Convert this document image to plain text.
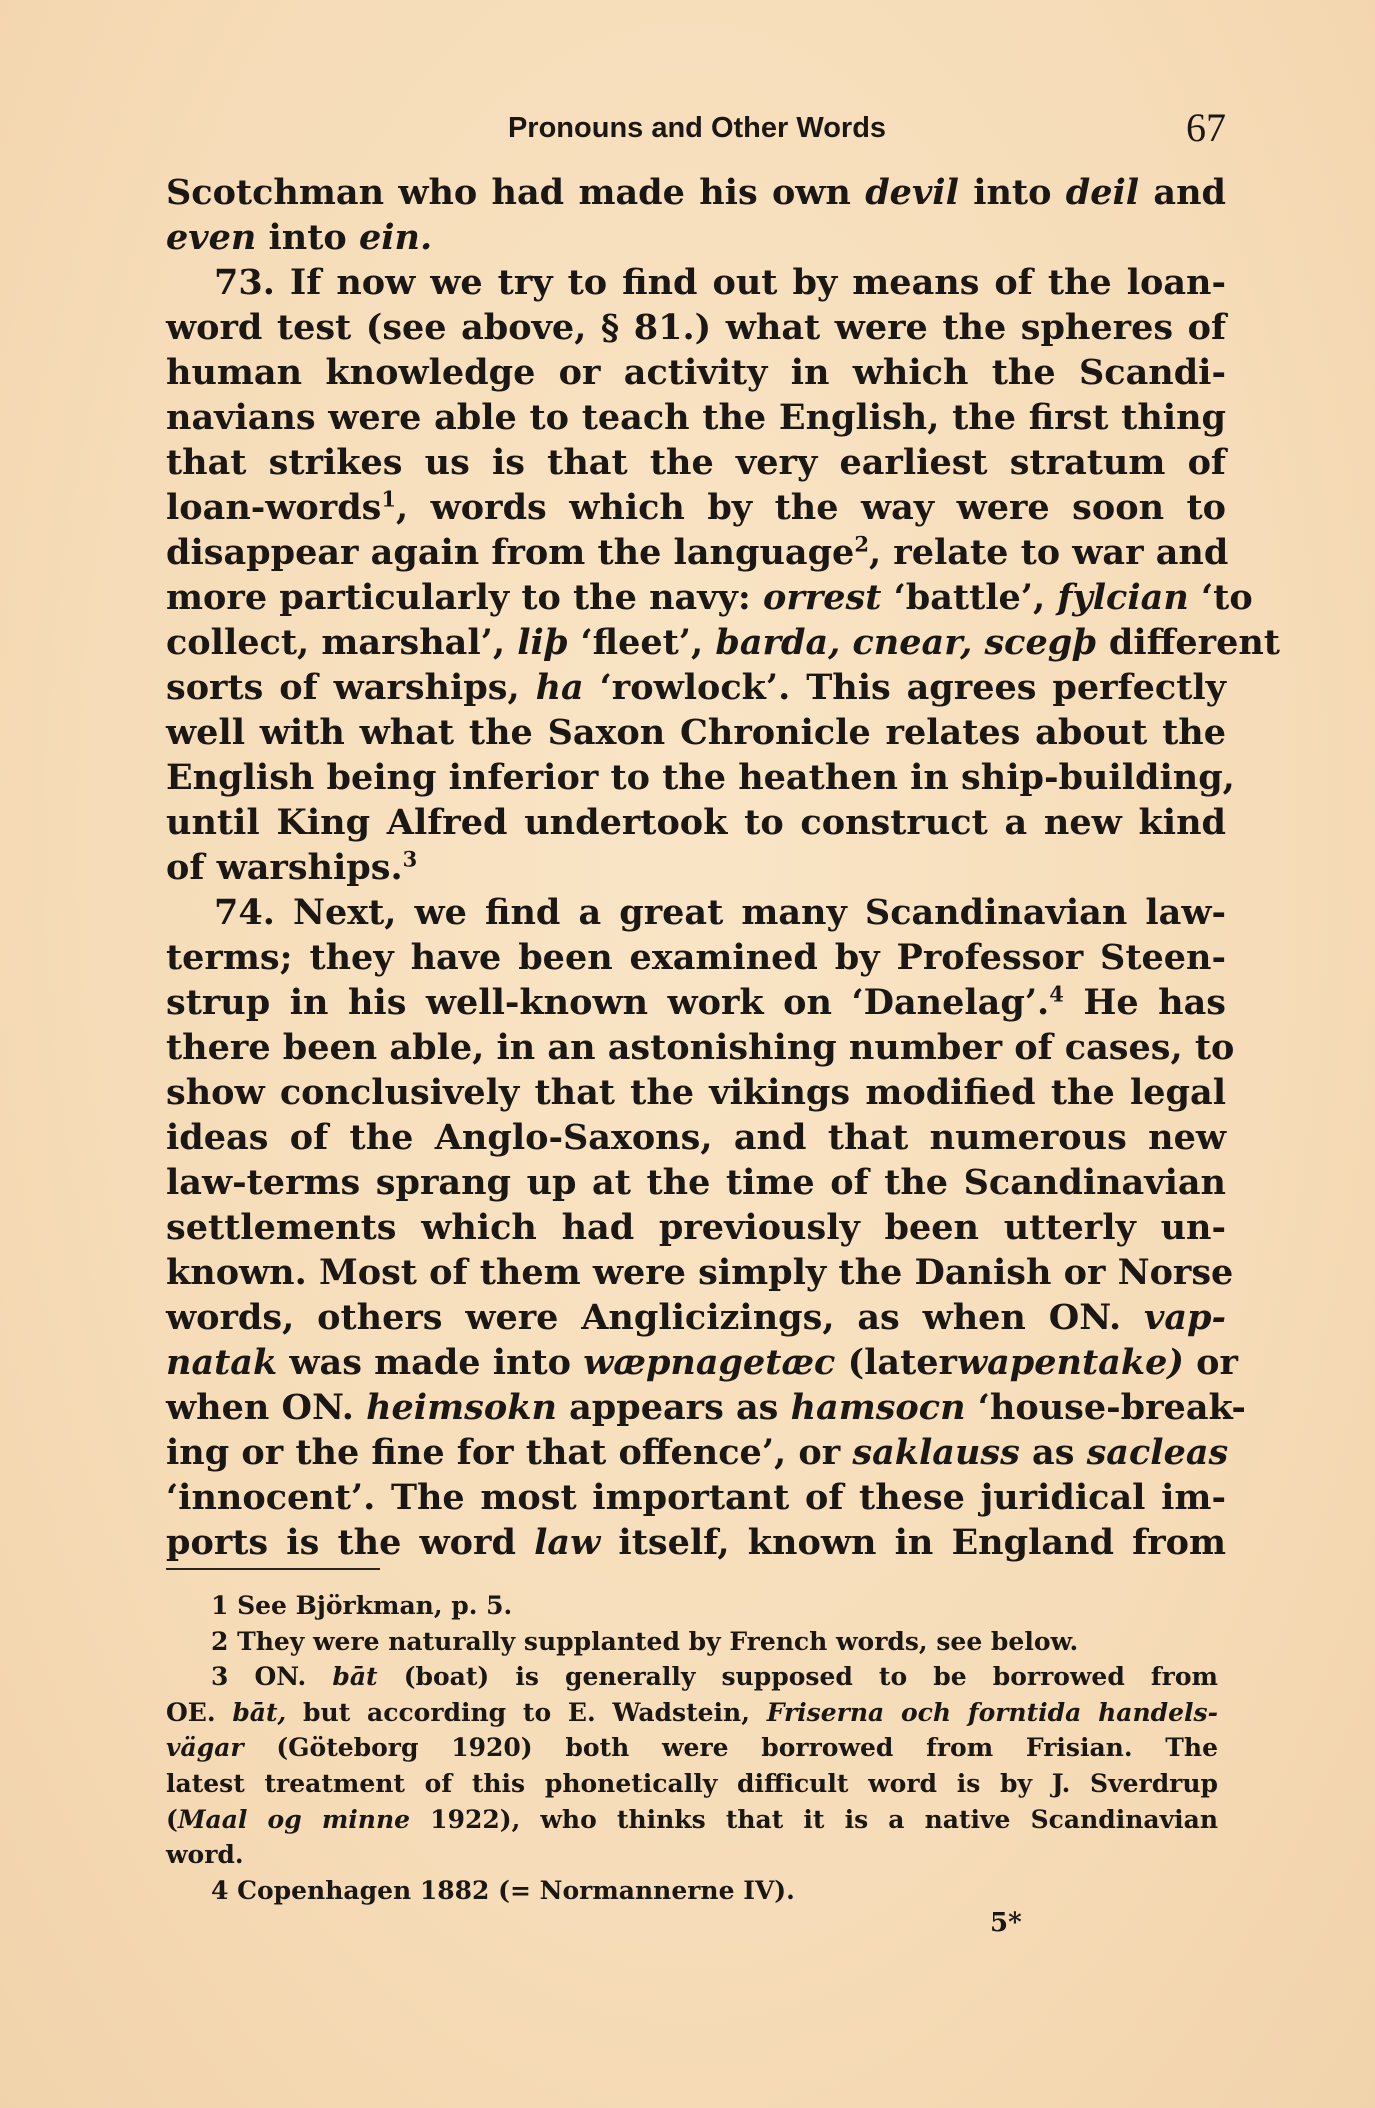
Pronouns and Other Words	67
Scotchman who had made his own devil into deil and
even into ein.
73. If now we try to find out by means of the loan-
word test (see above, § 81.) what were the spheres of
human knowledge or activity in which the Scandi-
navians were able to teach the English, the first thing
that strikes us is that the very earliest stratum of
loan-words$^1$, words which by the way were soon to
disappear again from the language$^2$, relate to war and
more particularly to the navy: orrest ‘battle’, fylcian ‘to
collect, marshal’, liþ ‘fleet’, barda, cnear, scegþ different
sorts of warships, ha ‘rowlock’. This agrees perfectly
well with what the Saxon Chronicle relates about the
English being inferior to the heathen in ship-building,
until King Alfred undertook to construct a new kind
of warships.$^3$
74. Next, we find a great many Scandinavian law-
terms; they have been examined by Professor Steen-
strup in his well-known work on ‘Danelag’.$^4$ He has
there been able, in an astonishing number of cases, to
show conclusively that the vikings modified the legal
ideas of the Anglo-Saxons, and that numerous new
law-terms sprang up at the time of the Scandinavian
settlements which had previously been utterly un-
known. Most of them were simply the Danish or Norse
words, others were Anglicizings, as when ON. vap-
natak was made into wæpnagetæc (laterwapentake) or
when ON. heimsokn appears as hamsocn ‘house-break-
ing or the fine for that offence’, or saklauss as sacleas
‘innocent’. The most important of these juridical im-
ports is the word law itself, known in England from
1 See Björkman, p. 5.
2 They were naturally supplanted by French words, see below.
3 ON. bāt (boat) is generally supposed to be borrowed from
OE. bāt, but according to E. Wadstein, Friserna och forntida handels-
vägar (Göteborg 1920) both were borrowed from Frisian. The
latest treatment of this phonetically difficult word is by J. Sverdrup
(Maal og minne 1922), who thinks that it is a native Scandinavian
word.
4 Copenhagen 1882 (= Normannerne IV).
5*
